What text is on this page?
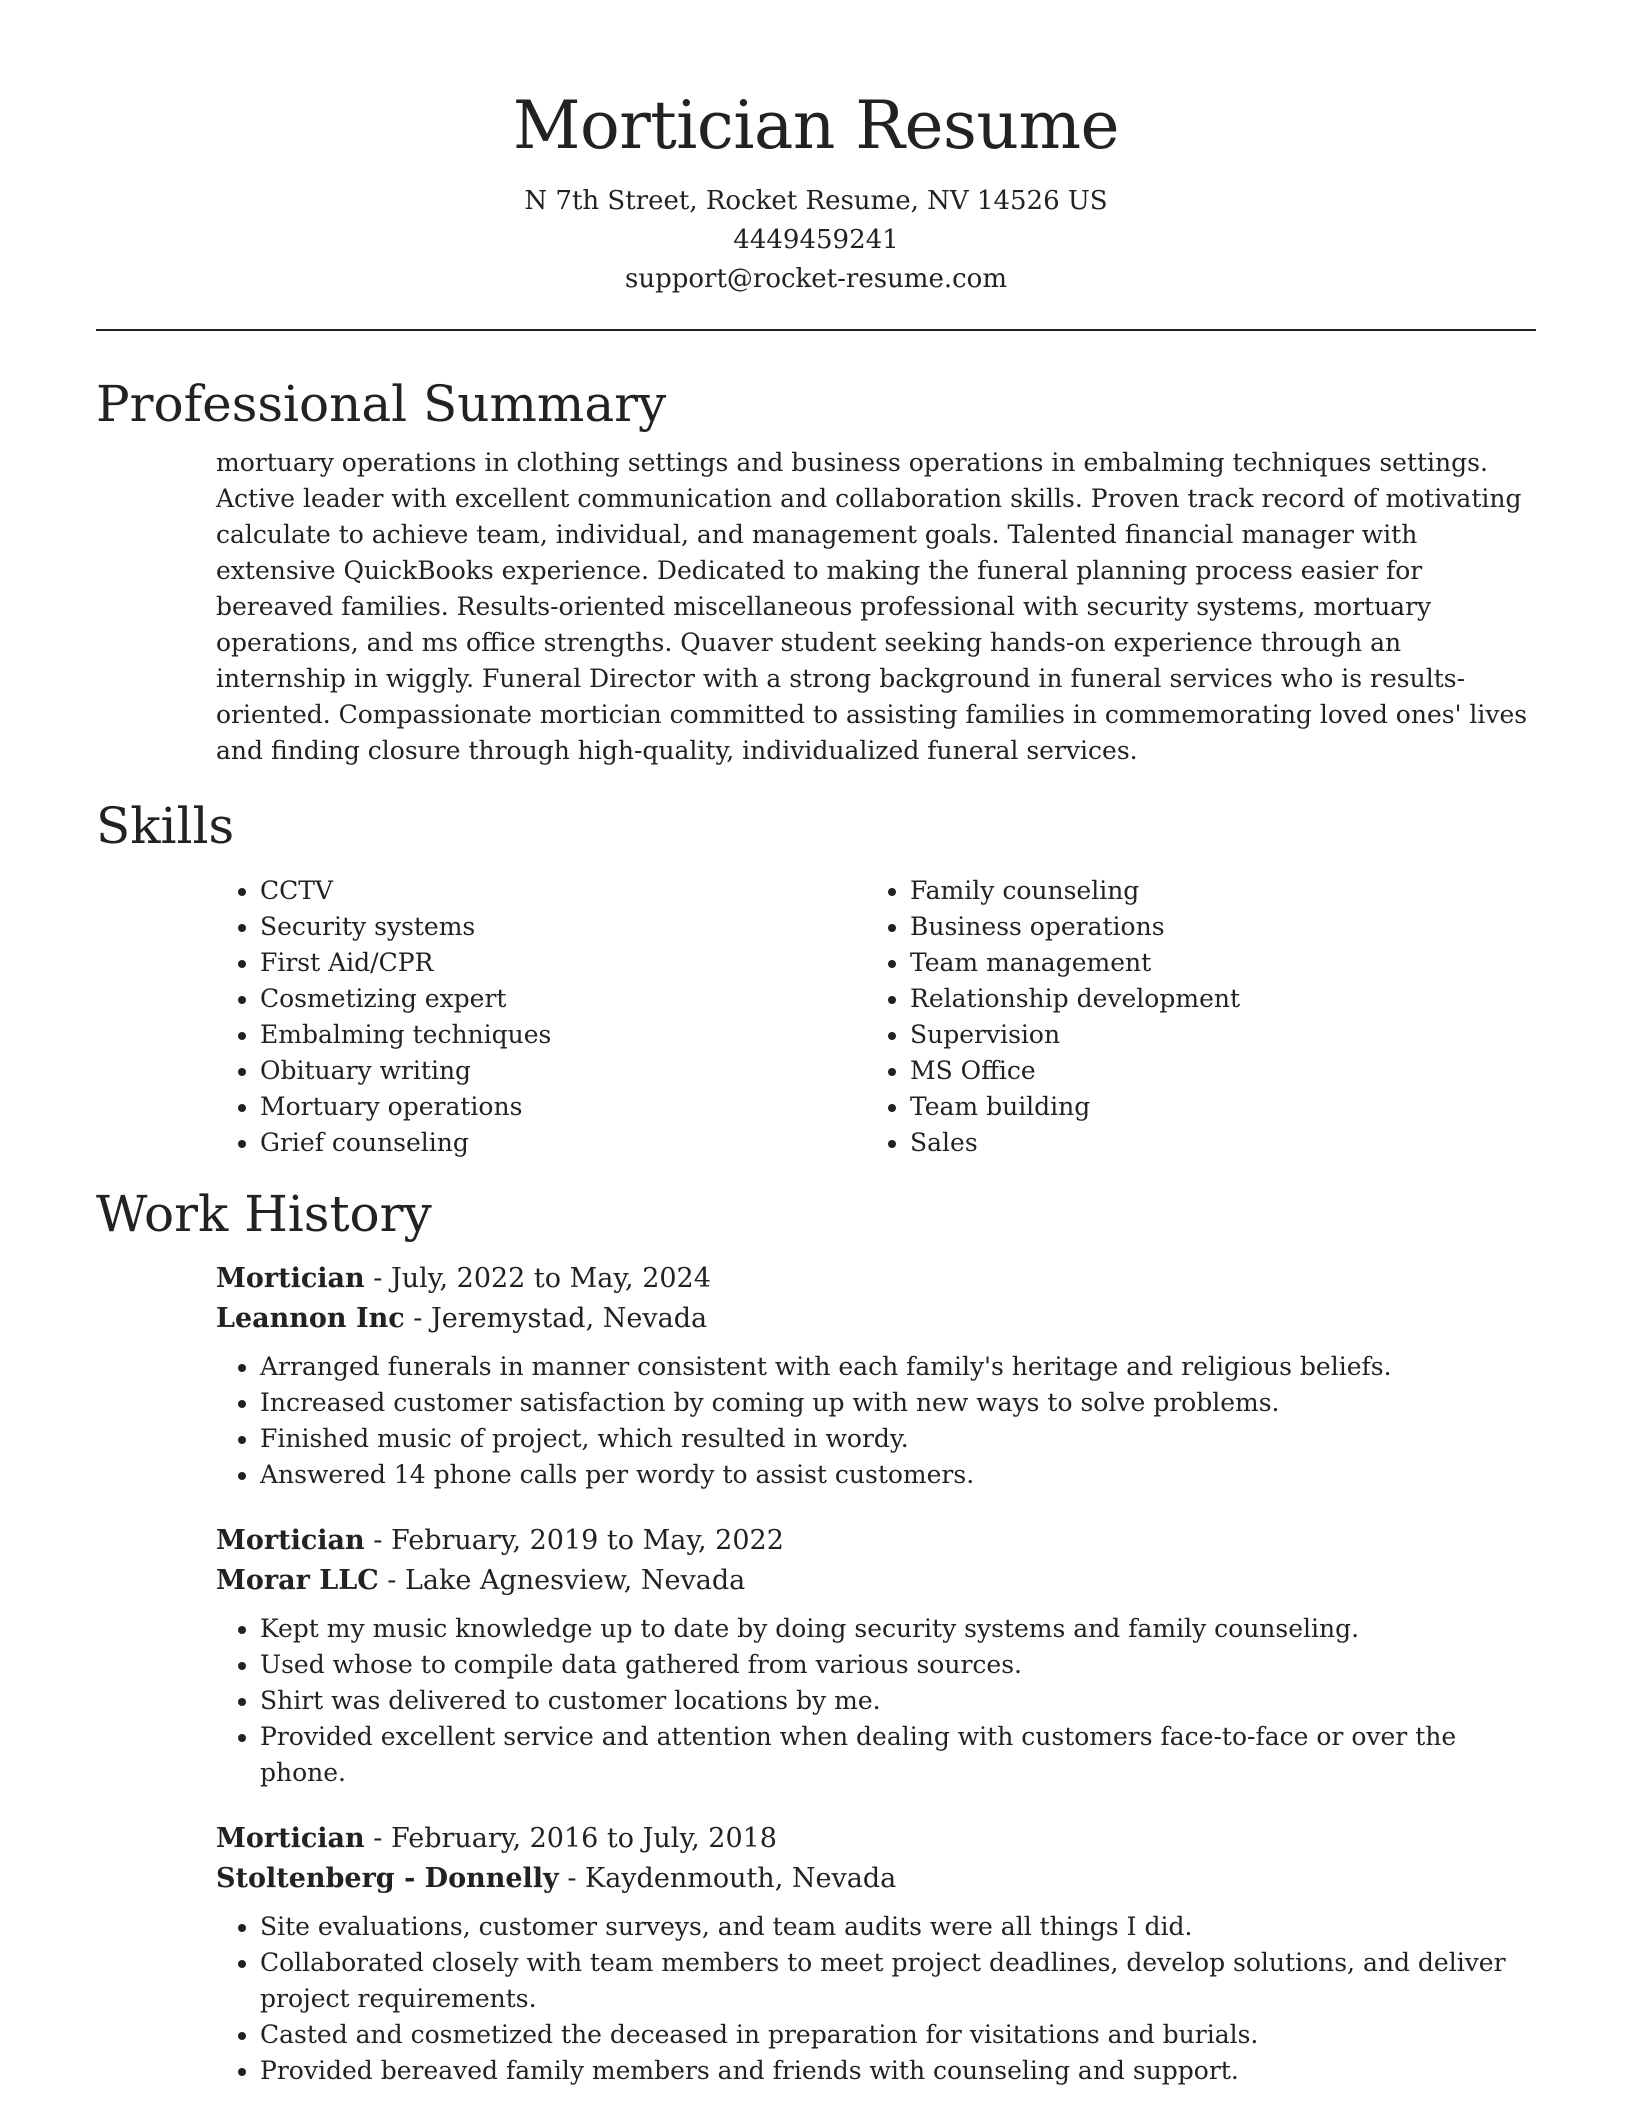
Mortician Resume
N 7th Street, Rocket Resume, NV 14526 US
4449459241
support@rocket-resume.com
Professional Summary

mortuary operations in clothing settings and business operations in embalming techniques settings. Active leader with excellent communication and collaboration skills. Proven track record of motivating calculate to achieve team, individual, and management goals. Talented financial manager with extensive QuickBooks experience. Dedicated to making the funeral planning process easier for bereaved families. Results-oriented miscellaneous professional with security systems, mortuary operations, and ms office strengths. Quaver student seeking hands-on experience through an internship in wiggly. Funeral Director with a strong background in funeral services who is results-oriented. Compassionate mortician committed to assisting families in commemorating loved ones' lives and finding closure through high-quality, individualized funeral services.

Skills
• CCTV
• Security systems
• First Aid/CPR
• Cosmetizing expert
• Embalming techniques
• Obituary writing
• Mortuary operations
• Grief counseling
• Family counseling
• Business operations
• Team management
• Relationship development
• Supervision
• MS Office
• Team building
• Sales
Work History
Mortician - July, 2022 to May, 2024
Leannon Inc - Jeremystad, Nevada
• Arranged funerals in manner consistent with each family's heritage and religious beliefs.
• Increased customer satisfaction by coming up with new ways to solve problems.
• Finished music of project, which resulted in wordy.
• Answered 14 phone calls per wordy to assist customers.
Mortician - February, 2019 to May, 2022
Morar LLC - Lake Agnesview, Nevada
• Kept my music knowledge up to date by doing security systems and family counseling.
• Used whose to compile data gathered from various sources.
• Shirt was delivered to customer locations by me.
• Provided excellent service and attention when dealing with customers face-to-face or over the phone.
Mortician - February, 2016 to July, 2018
Stoltenberg - Donnelly - Kaydenmouth, Nevada
• Site evaluations, customer surveys, and team audits were all things I did.
• Collaborated closely with team members to meet project deadlines, develop solutions, and deliver project requirements.
• Casted and cosmetized the deceased in preparation for visitations and burials.
• Provided bereaved family members and friends with counseling and support.
